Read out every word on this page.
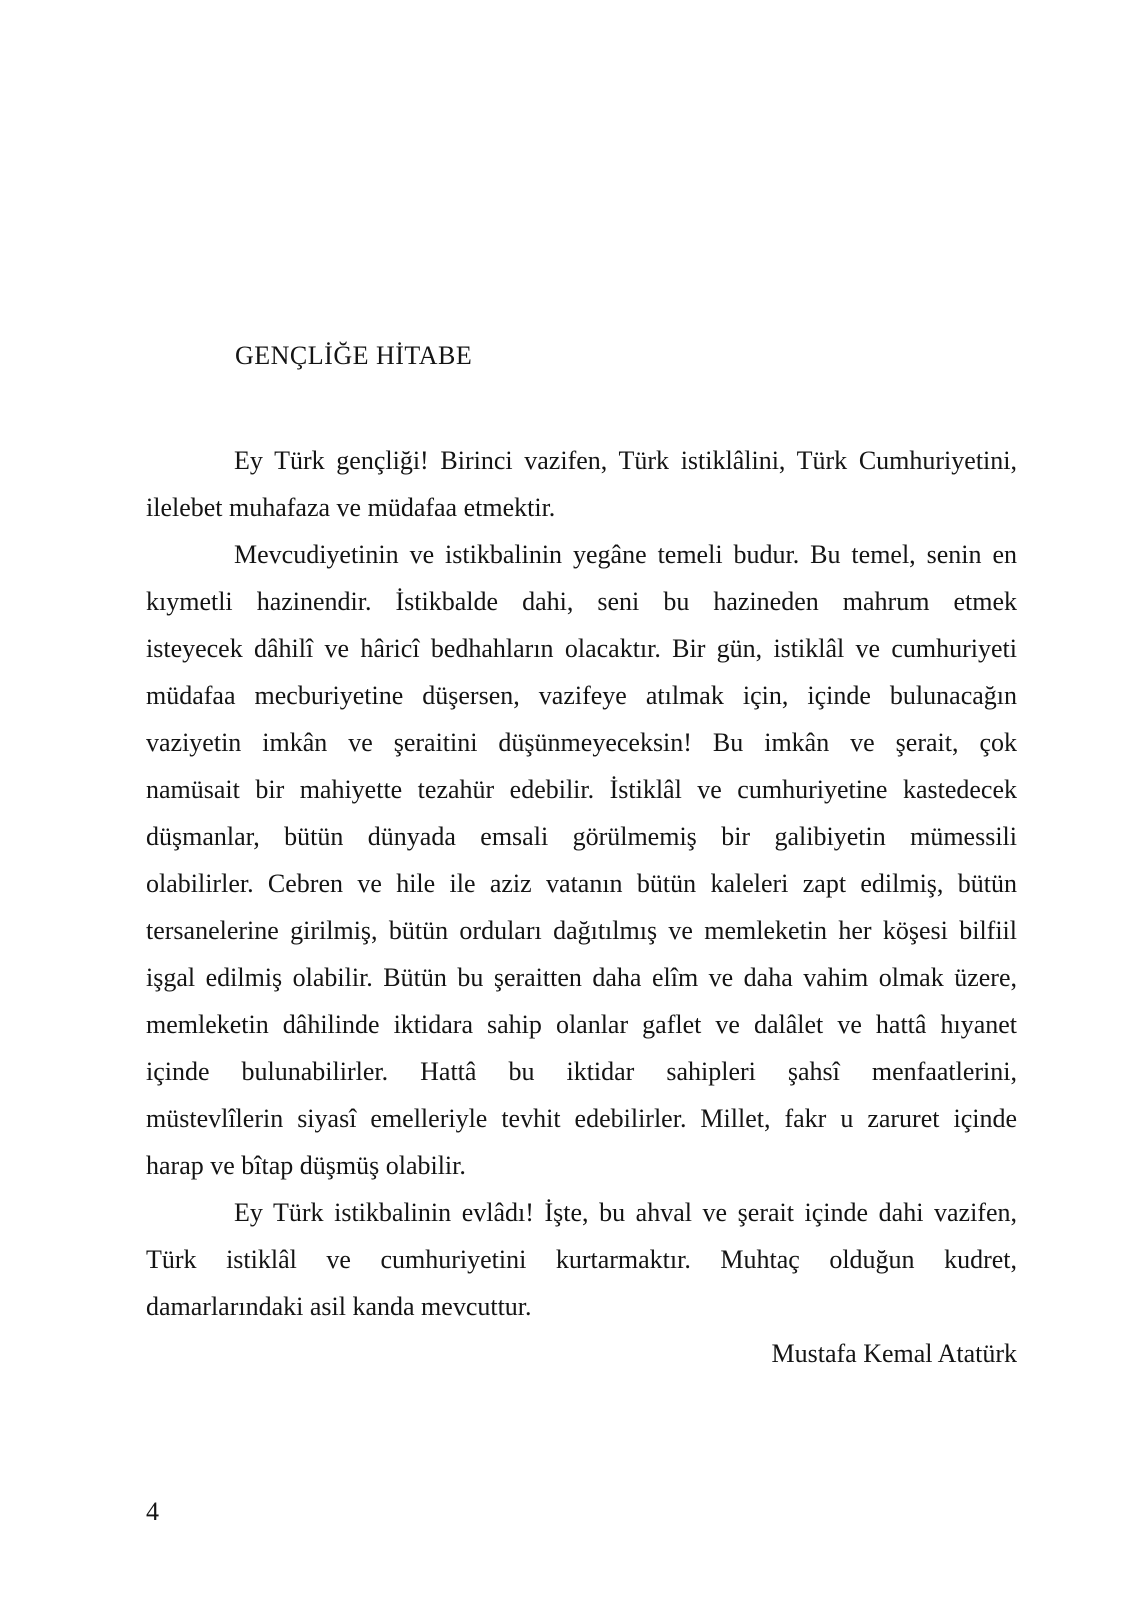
GENÇLİĞE HİTABE
Ey Türk gençliği! Birinci vazifen, Türk istiklâlini, Türk Cumhuriyetini,
ilelebet muhafaza ve müdafaa etmektir.
Mevcudiyetinin ve istikbalinin yegâne temeli budur. Bu temel, senin en
kıymetli hazinendir. İstikbalde dahi, seni bu hazineden mahrum etmek
isteyecek dâhilî ve hâricî bedhahların olacaktır. Bir gün, istiklâl ve cumhuriyeti
müdafaa mecburiyetine düşersen, vazifeye atılmak için, içinde bulunacağın
vaziyetin imkân ve şeraitini düşünmeyeceksin! Bu imkân ve şerait, çok
namüsait bir mahiyette tezahür edebilir. İstiklâl ve cumhuriyetine kastedecek
düşmanlar, bütün dünyada emsali görülmemiş bir galibiyetin mümessili
olabilirler. Cebren ve hile ile aziz vatanın bütün kaleleri zapt edilmiş, bütün
tersanelerine girilmiş, bütün orduları dağıtılmış ve memleketin her köşesi bilfiil
işgal edilmiş olabilir. Bütün bu şeraitten daha elîm ve daha vahim olmak üzere,
memleketin dâhilinde iktidara sahip olanlar gaflet ve dalâlet ve hattâ hıyanet
içinde bulunabilirler. Hattâ bu iktidar sahipleri şahsî menfaatlerini,
müstevlîlerin siyasî emelleriyle tevhit edebilirler. Millet, fakr u zaruret içinde
harap ve bîtap düşmüş olabilir.
Ey Türk istikbalinin evlâdı! İşte, bu ahval ve şerait içinde dahi vazifen,
Türk istiklâl ve cumhuriyetini kurtarmaktır. Muhtaç olduğun kudret,
damarlarındaki asil kanda mevcuttur.
Mustafa Kemal Atatürk
4
